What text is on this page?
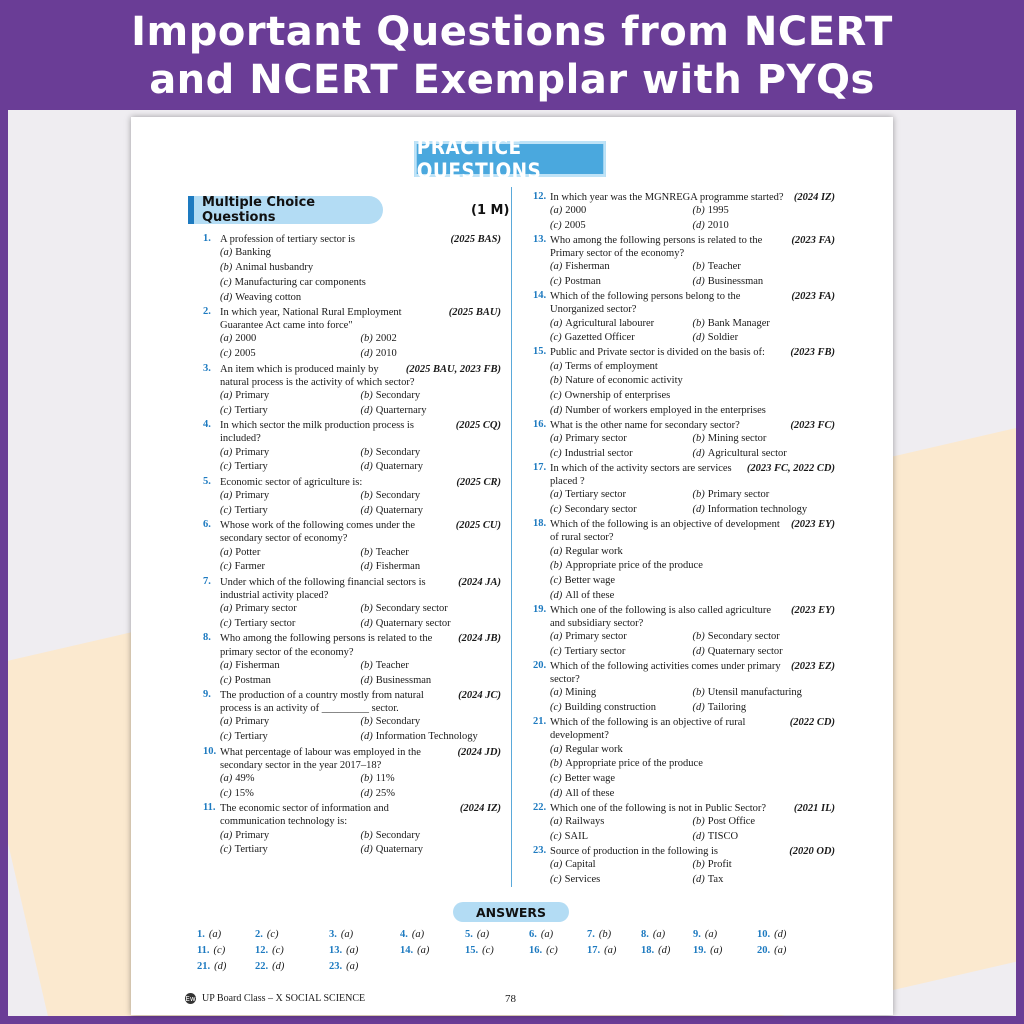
Important Questions from NCERT
and NCERT Exemplar with PYQs
PRACTICE QUESTIONS
Multiple Choice Questions	(1 M)
1.	(2025 BAS)
A profession of tertiary sector is
(a) Banking
(b) Animal husbandry
(c) Manufacturing car components
(d) Weaving cotton
2.	(2025 BAU)
In which year, National Rural Employment Guarantee Act came into force"
(a) 2000	(b) 2002
(c) 2005	(d) 2010
3.	(2025 BAU, 2023 FB)
An item which is produced mainly by natural process is the activity of which sector?
(a) Primary	(b) Secondary
(c) Tertiary	(d) Quarternary
4.	(2025 CQ)
In which sector the milk production process is included?
(a) Primary	(b) Secondary
(c) Tertiary	(d) Quaternary
5.	(2025 CR)
Economic sector of agriculture is:
(a) Primary	(b) Secondary
(c) Tertiary	(d) Quaternary
6.	(2025 CU)
Whose work of the following comes under the secondary sector of economy?
(a) Potter	(b) Teacher
(c) Farmer	(d) Fisherman
7.	(2024 JA)
Under which of the following financial sectors is industrial activity placed?
(a) Primary sector	(b) Secondary sector
(c) Tertiary sector	(d) Quaternary sector
8.	(2024 JB)
Who among the following persons is related to the primary sector of the economy?
(a) Fisherman	(b) Teacher
(c) Postman	(d) Businessman
9.	(2024 JC)
The production of a country mostly from natural process is an activity of _________ sector.
(a) Primary	(b) Secondary
(c) Tertiary	(d) Information Technology
10.	(2024 JD)
What percentage of labour was employed in the secondary sector in the year 2017–18?
(a) 49%	(b) 11%
(c) 15%	(d) 25%
11.	(2024 IZ)
The economic sector of information and communication technology is:
(a) Primary	(b) Secondary
(c) Tertiary	(d) Quaternary
12.	(2024 IZ)
In which year was the MGNREGA programme started?
(a) 2000	(b) 1995
(c) 2005	(d) 2010
13.	(2023 FA)
Who among the following persons is related to the Primary sector of the economy?
(a) Fisherman	(b) Teacher
(c) Postman	(d) Businessman
14.	(2023 FA)
Which of the following persons belong to the Unorganized sector?
(a) Agricultural labourer	(b) Bank Manager
(c) Gazetted Officer	(d) Soldier
15.	(2023 FB)
Public and Private sector is divided on the basis of:
(a) Terms of employment
(b) Nature of economic activity
(c) Ownership of enterprises
(d) Number of workers employed in the enterprises
16.	(2023 FC)
What is the other name for secondary sector?
(a) Primary sector	(b) Mining sector
(c) Industrial sector	(d) Agricultural sector
17.	(2023 FC, 2022 CD)
In which of the activity sectors are services placed ?
(a) Tertiary sector	(b) Primary sector
(c) Secondary sector	(d) Information technology
18.	(2023 EY)
Which of the following is an objective of development of rural sector?
(a) Regular work
(b) Appropriate price of the produce
(c) Better wage
(d) All of these
19.	(2023 EY)
Which one of the following is also called agriculture and subsidiary sector?
(a) Primary sector	(b) Secondary sector
(c) Tertiary sector	(d) Quaternary sector
20.	(2023 EZ)
Which of the following activities comes under primary sector?
(a) Mining	(b) Utensil manufacturing
(c) Building construction	(d) Tailoring
21.	(2022 CD)
Which of the following is an objective of rural development?
(a) Regular work
(b) Appropriate price of the produce
(c) Better wage
(d) All of these
22.	(2021 IL)
Which one of the following is not in Public Sector?
(a) Railways	(b) Post Office
(c) SAIL	(d) TISCO
23.	(2020 OD)
Source of production in the following is
(a) Capital	(b) Profit
(c) Services	(d) Tax
ANSWERS
1. (a)	2. (c)	3. (a)	4. (a)	5. (a)	6. (a)	7. (b)	8. (a)	9. (a)	10. (d)
11. (c)	12. (c)	13. (a)	14. (a)	15. (c)	16. (c)	17. (a) 18. (d) 19. (a)	20. (a)
21. (d)	22. (d)	23. (a)
Ew UP Board Class – X SOCIAL SCIENCE	78
